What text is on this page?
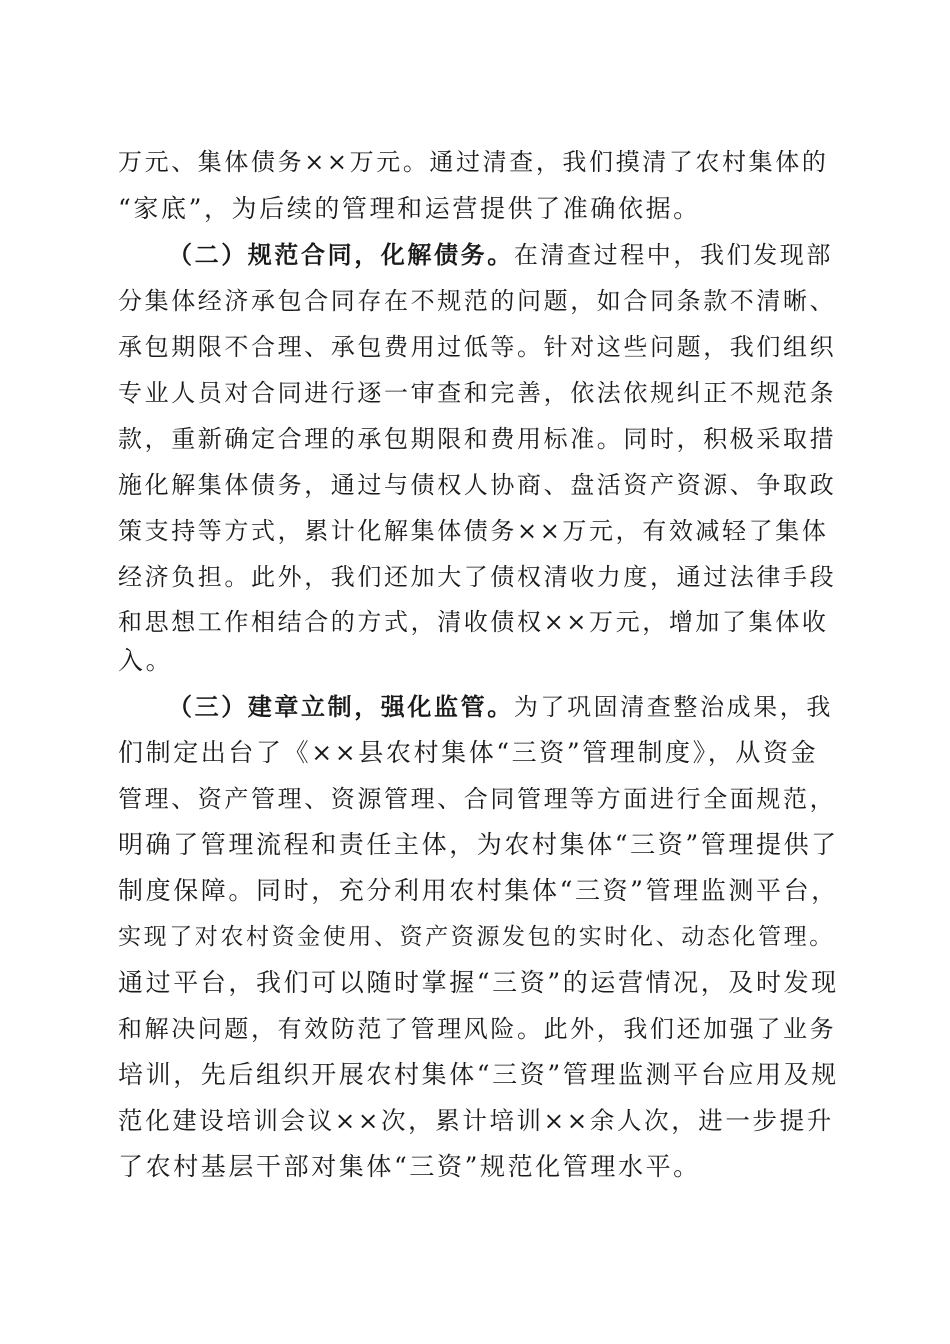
万元、集体债务××万元。通过清查，我们摸清了农村集体的
“家底”，为后续的管理和运营提供了准确依据。
（二）规范合同，化解债务。在清查过程中，我们发现部
分集体经济承包合同存在不规范的问题，如合同条款不清晰、
承包期限不合理、承包费用过低等。针对这些问题，我们组织
专业人员对合同进行逐一审查和完善，依法依规纠正不规范条
款，重新确定合理的承包期限和费用标准。同时，积极采取措
施化解集体债务，通过与债权人协商、盘活资产资源、争取政
策支持等方式，累计化解集体债务××万元，有效减轻了集体
经济负担。此外，我们还加大了债权清收力度，通过法律手段
和思想工作相结合的方式，清收债权××万元，增加了集体收
入。
（三）建章立制，强化监管。为了巩固清查整治成果，我
们制定出台了《××县农村集体“三资”管理制度》，从资金
管理、资产管理、资源管理、合同管理等方面进行全面规范，
明确了管理流程和责任主体，为农村集体“三资”管理提供了
制度保障。同时，充分利用农村集体“三资”管理监测平台，
实现了对农村资金使用、资产资源发包的实时化、动态化管理。
通过平台，我们可以随时掌握“三资”的运营情况，及时发现
和解决问题，有效防范了管理风险。此外，我们还加强了业务
培训，先后组织开展农村集体“三资”管理监测平台应用及规
范化建设培训会议××次，累计培训××余人次，进一步提升
了农村基层干部对集体“三资”规范化管理水平。
